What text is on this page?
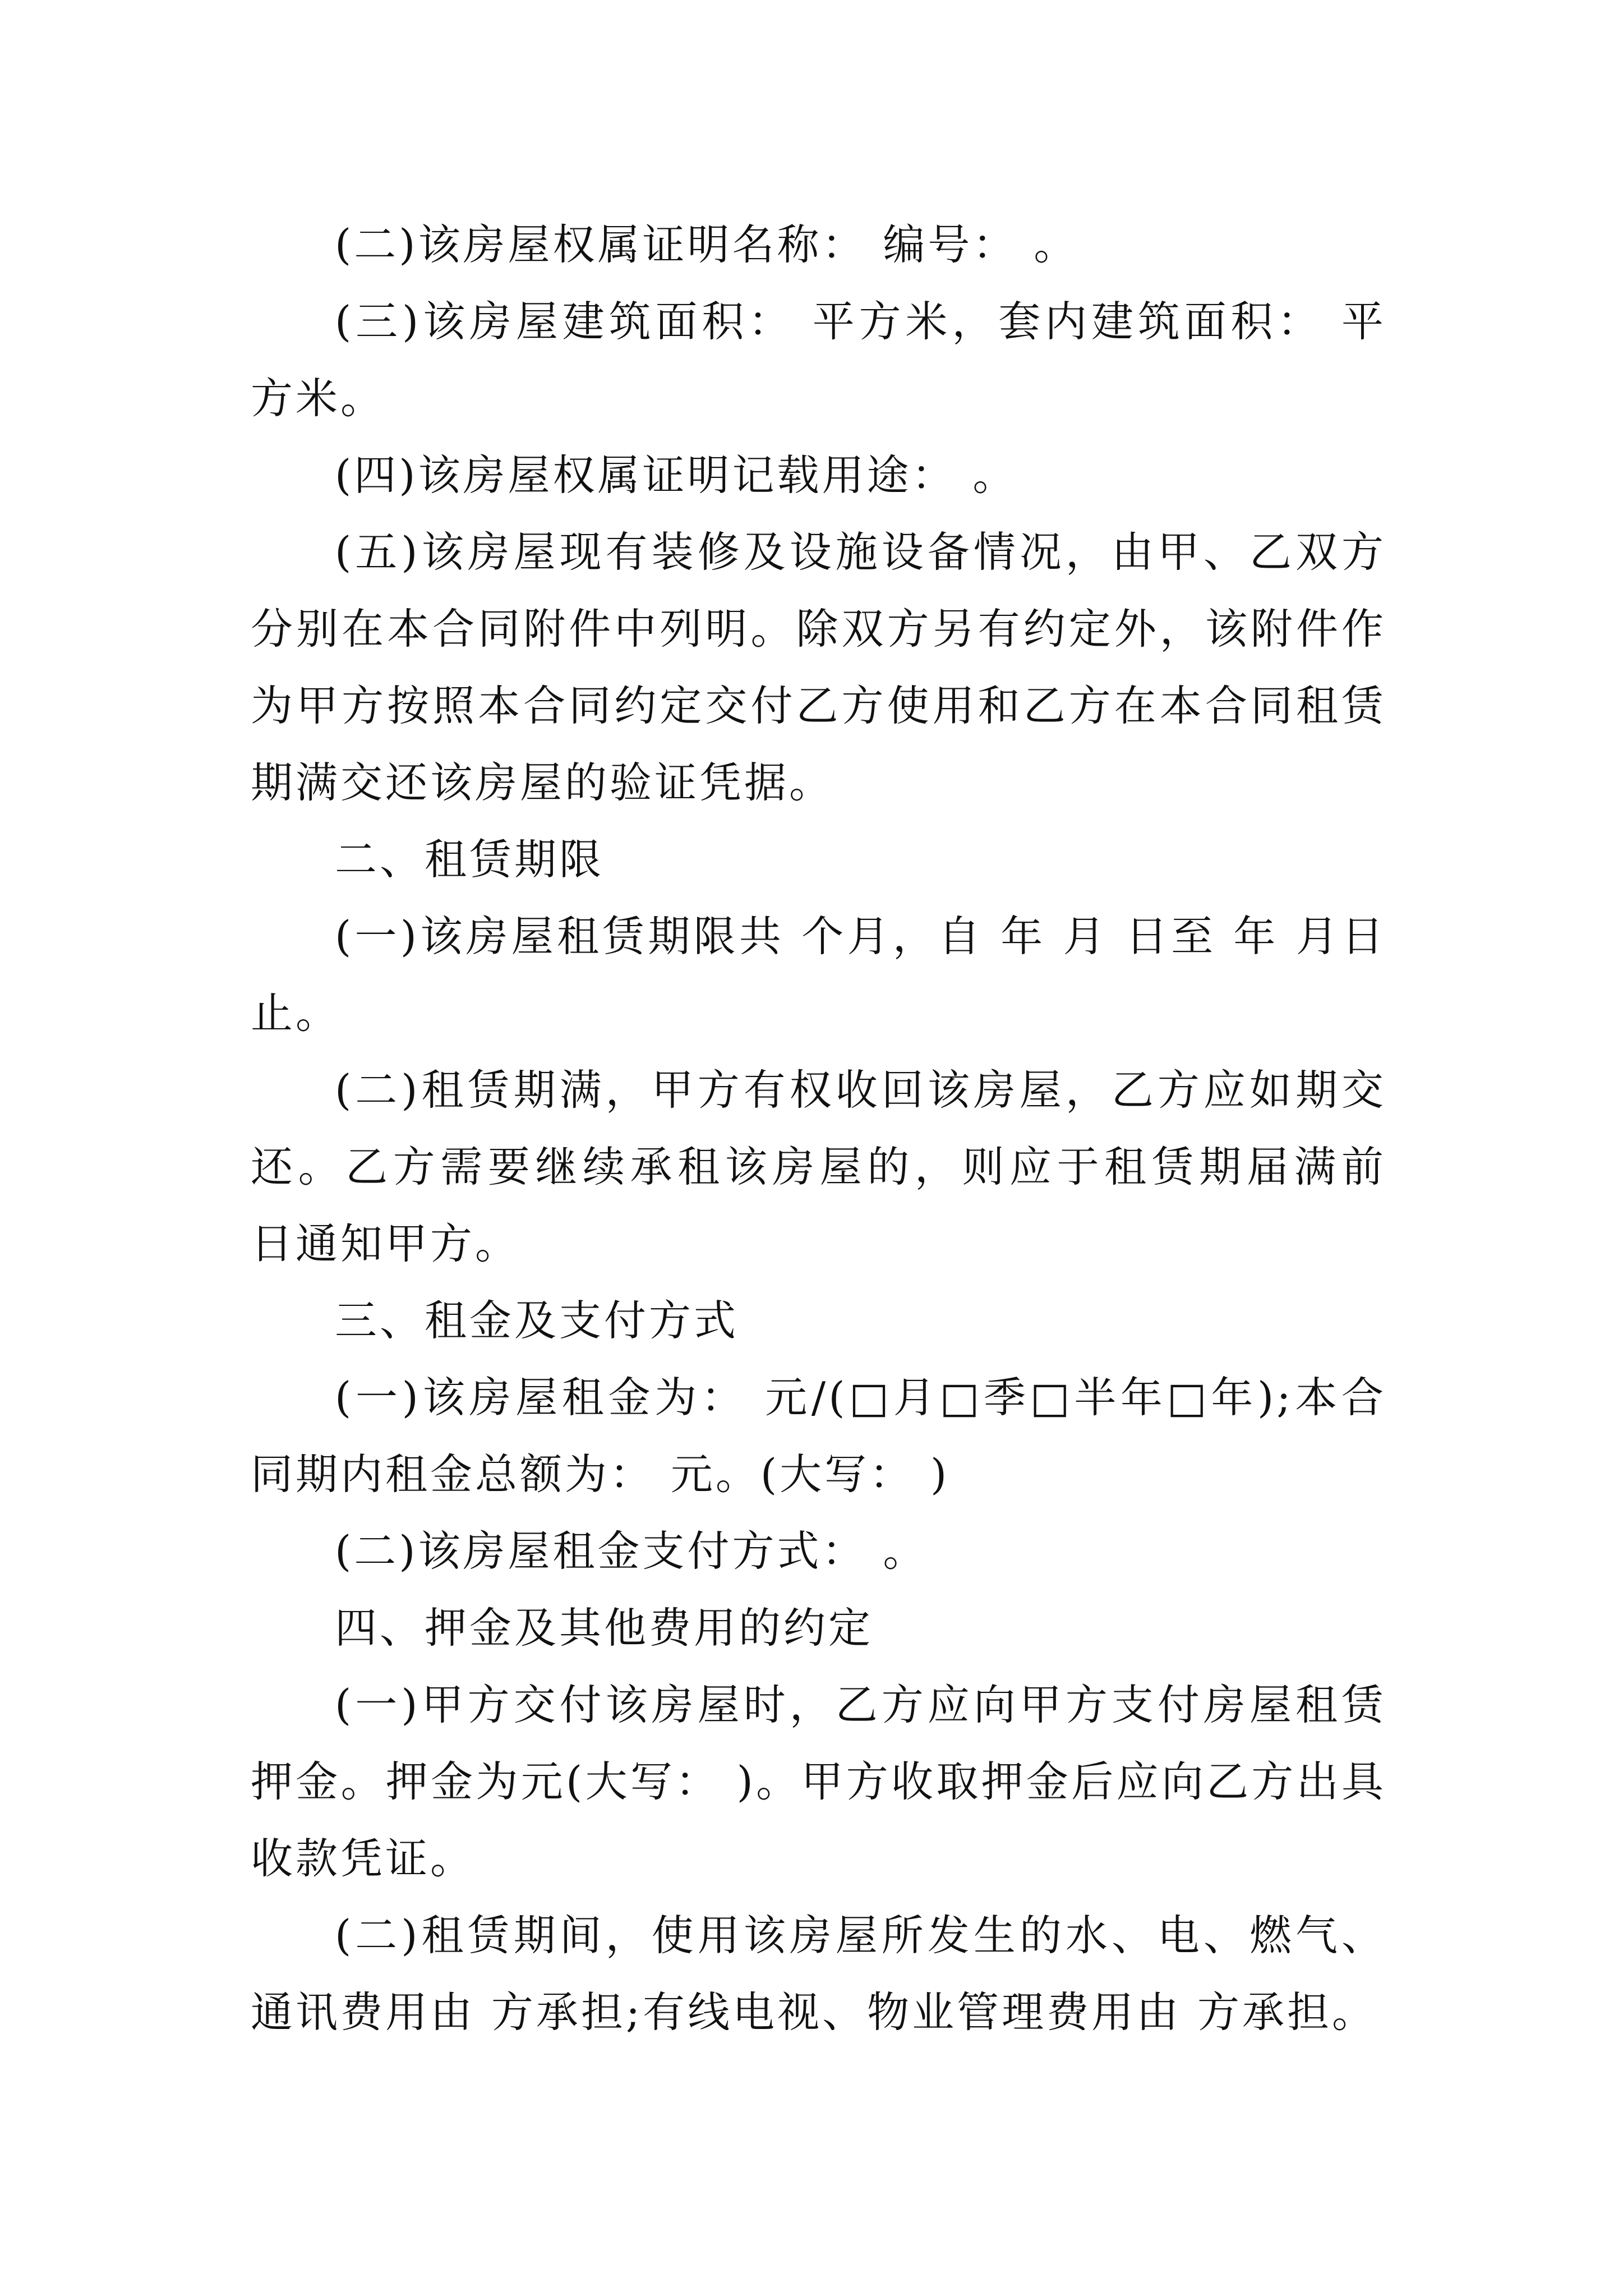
(二)该房屋权属证明名称： 编号： 。

(三)该房屋建筑面积： 平方米，套内建筑面积： 平方米。

(四)该房屋权属证明记载用途： 。

(五)该房屋现有装修及设施设备情况，由甲、乙双方分别在本合同附件中列明。除双方另有约定外，该附件作为甲方按照本合同约定交付乙方使用和乙方在本合同租赁期满交还该房屋的验证凭据。

二、租赁期限

(一)该房屋租赁期限共 个月，自 年 月 日至 年 月日止。

(二)租赁期满，甲方有权收回该房屋，乙方应如期交还。乙方需要继续承租该房屋的，则应于租赁期届满前 日通知甲方。

三、租金及支付方式

(一)该房屋租金为： 元/(□月□季□半年□年);本合同期内租金总额为： 元。(大写： )

(二)该房屋租金支付方式： 。

四、押金及其他费用的约定

(一)甲方交付该房屋时，乙方应向甲方支付房屋租赁押金。押金为元(大写： )。甲方收取押金后应向乙方出具收款凭证。

(二)租赁期间，使用该房屋所发生的水、电、燃气、通讯费用由 方承担;有线电视、物业管理费用由 方承担。
